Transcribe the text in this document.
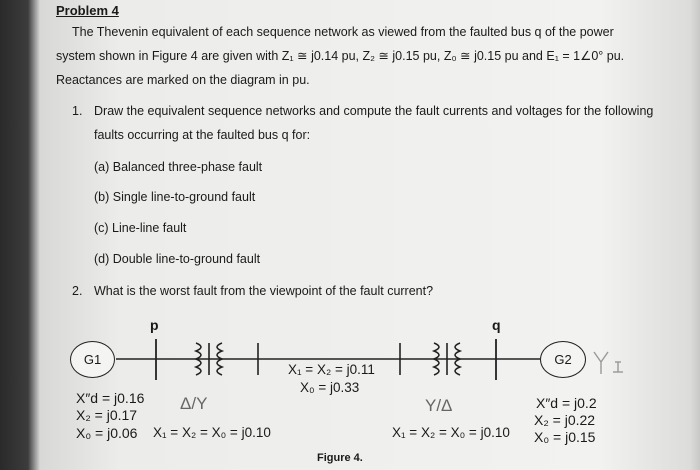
Problem 4
The Thevenin equivalent of each sequence network as viewed from the faulted bus q of the power system shown in Figure 4 are given with Z₁ ≅ j0.14 pu, Z₂ ≅ j0.15 pu, Z₀ ≅ j0.15 pu and E₁ = 1∠0° pu. Reactances are marked on the diagram in pu.
1. Draw the equivalent sequence networks and compute the fault currents and voltages for the following
faults occurring at the faulted bus q for:
(a) Balanced three-phase fault
(b) Single line-to-ground fault
(c) Line-line fault
(d) Double line-to-ground fault
2. What is the worst fault from the viewpoint of the fault current?
G1	G2
p	q
X″d = j0.16
X₂ = j0.17
X₀ = j0.06
Δ/Y
X₁ = X₂ = X₀ = j0.10
X₁ = X₂ = j0.11
X₀ = j0.33
Y/Δ
X₁ = X₂ = X₀ = j0.10
X″d = j0.2
X₂ = j0.22
X₀ = j0.15
Figure 4.
